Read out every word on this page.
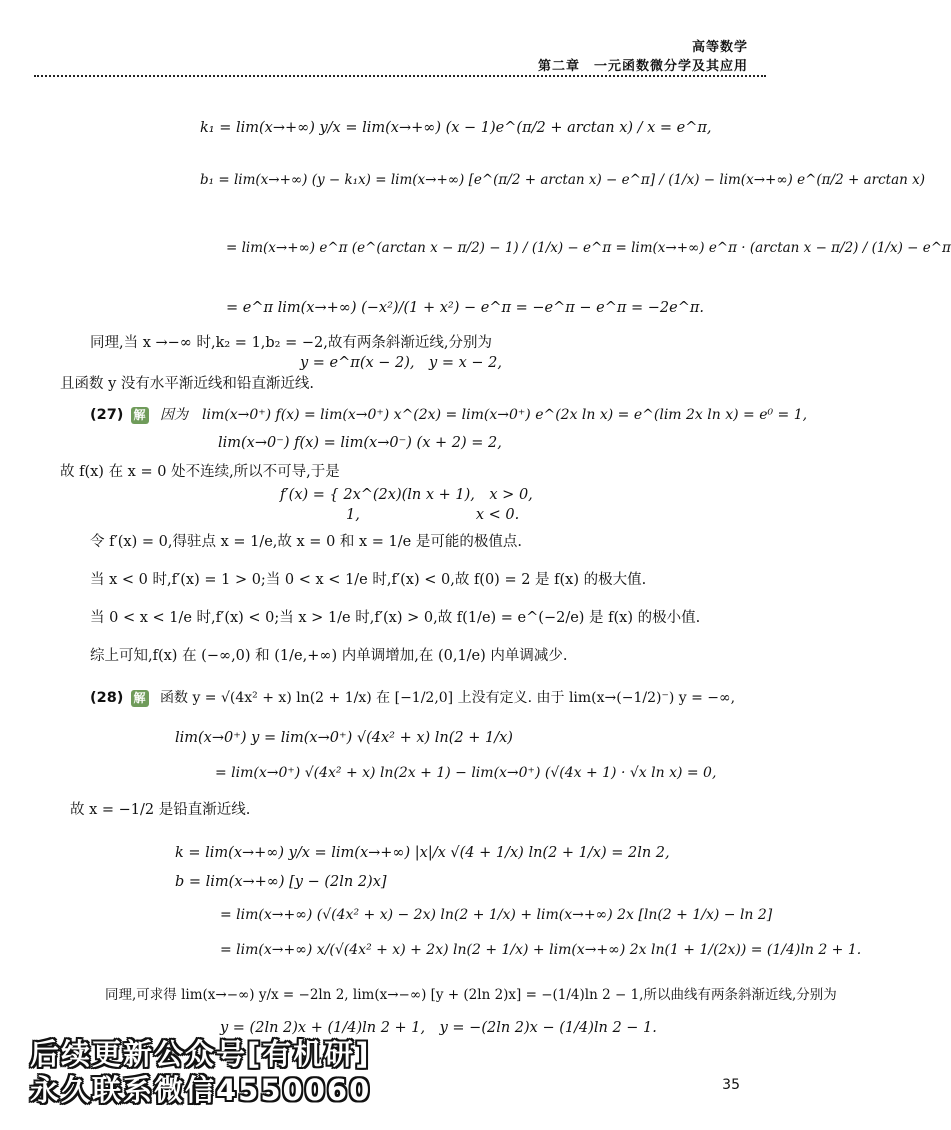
高等数学
第二章　一元函数微分学及其应用
k₁ = lim(x→+∞) y/x = lim(x→+∞) (x − 1)e^(π/2 + arctan x) / x = e^π,
b₁ = lim(x→+∞) (y − k₁x) = lim(x→+∞) [e^(π/2 + arctan x) − e^π] / (1/x) − lim(x→+∞) e^(π/2 + arctan x)
= lim(x→+∞) e^π (e^(arctan x − π/2) − 1) / (1/x) − e^π = lim(x→+∞) e^π · (arctan x − π/2) / (1/x) − e^π
= e^π lim(x→+∞) (−x²)/(1 + x²) − e^π = −e^π − e^π = −2e^π.
同理,当 x →−∞ 时,k₂ = 1,b₂ = −2,故有两条斜渐近线,分别为
y = e^π(x − 2),　y = x − 2,
且函数 y 没有水平渐近线和铅直渐近线.
(27) 解	因为　lim(x→0⁺) f(x) = lim(x→0⁺) x^(2x) = lim(x→0⁺) e^(2x ln x) = e^(lim 2x ln x) = e⁰ = 1,
lim(x→0⁻) f(x) = lim(x→0⁻) (x + 2) = 2,
故 f(x) 在 x = 0 处不连续,所以不可导,于是
f′(x) = { 2x^(2x)(ln x + 1),　x > 0,
1,　　　　　　　　x < 0.
令 f′(x) = 0,得驻点 x = 1/e,故 x = 0 和 x = 1/e 是可能的极值点.
当 x < 0 时,f′(x) = 1 > 0;当 0 < x < 1/e 时,f′(x) < 0,故 f(0) = 2 是 f(x) 的极大值.
当 0 < x < 1/e 时,f′(x) < 0;当 x > 1/e 时,f′(x) > 0,故 f(1/e) = e^(−2/e) 是 f(x) 的极小值.
综上可知,f(x) 在 (−∞,0) 和 (1/e,+∞) 内单调增加,在 (0,1/e) 内单调减少.
(28) 解	函数 y = √(4x² + x) ln(2 + 1/x) 在 [−1/2,0] 上没有定义. 由于 lim(x→(−1/2)⁻) y = −∞,
lim(x→0⁺) y = lim(x→0⁺) √(4x² + x) ln(2 + 1/x)
= lim(x→0⁺) √(4x² + x) ln(2x + 1) − lim(x→0⁺) (√(4x + 1) · √x ln x) = 0,
故 x = −1/2 是铅直渐近线.
k = lim(x→+∞) y/x = lim(x→+∞) |x|/x √(4 + 1/x) ln(2 + 1/x) = 2ln 2,
b = lim(x→+∞) [y − (2ln 2)x]
= lim(x→+∞) (√(4x² + x) − 2x) ln(2 + 1/x) + lim(x→+∞) 2x [ln(2 + 1/x) − ln 2]
= lim(x→+∞) x/(√(4x² + x) + 2x) ln(2 + 1/x) + lim(x→+∞) 2x ln(1 + 1/(2x)) = (1/4)ln 2 + 1.
同理,可求得 lim(x→−∞) y/x = −2ln 2, lim(x→−∞) [y + (2ln 2)x] = −(1/4)ln 2 − 1,所以曲线有两条斜渐近线,分别为
y = (2ln 2)x + (1/4)ln 2 + 1,　y = −(2ln 2)x − (1/4)ln 2 − 1.
后续更新公众号[有机研]
永久联系微信4550060	35
